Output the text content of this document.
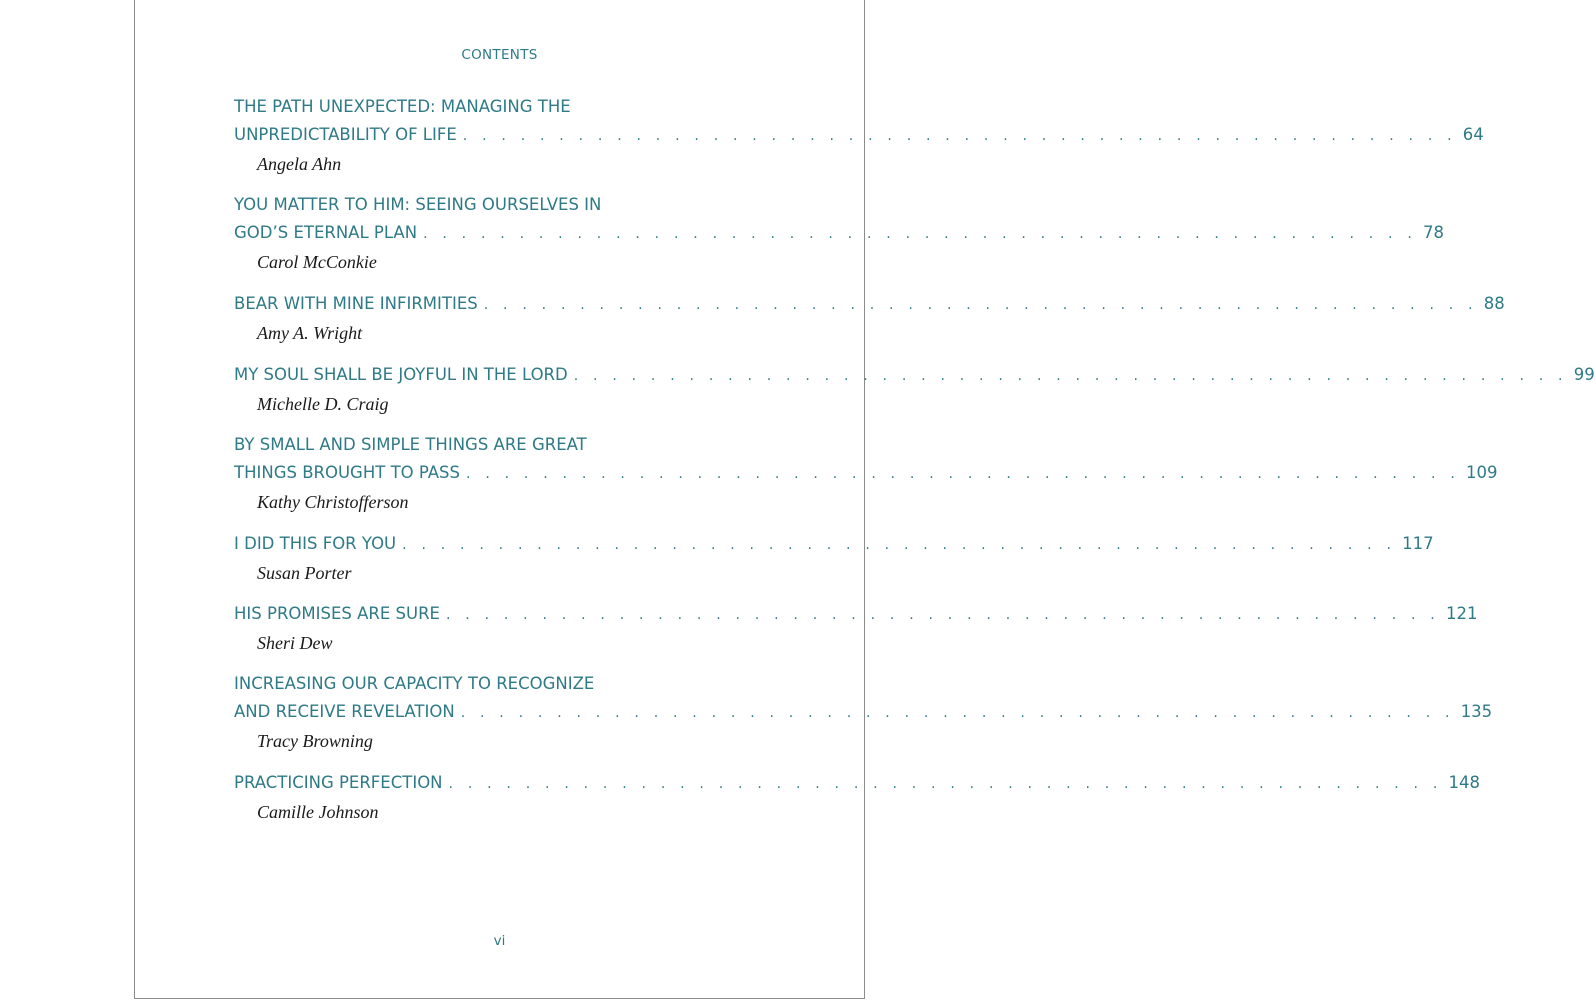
CONTENTS
THE PATH UNEXPECTED: MANAGING THE
UNPREDICTABILITY OF LIFE . . . . . . . . . . . . . . . . . . . . . . . . . . . . . . . . . . . . . . . . . . . . . . . . . . . . 64
Angela Ahn
YOU MATTER TO HIM: SEEING OURSELVES IN
GOD’S ETERNAL PLAN . . . . . . . . . . . . . . . . . . . . . . . . . . . . . . . . . . . . . . . . . . . . . . . . . . . . 78
Carol McConkie
BEAR WITH MINE INFIRMITIES . . . . . . . . . . . . . . . . . . . . . . . . . . . . . . . . . . . . . . . . . . . . . . . . . . . . 88
Amy A. Wright
MY SOUL SHALL BE JOYFUL IN THE LORD . . . . . . . . . . . . . . . . . . . . . . . . . . . . . . . . . . . . . . . . . . . . . . . . . . . . 99
Michelle D. Craig
BY SMALL AND SIMPLE THINGS ARE GREAT
THINGS BROUGHT TO PASS . . . . . . . . . . . . . . . . . . . . . . . . . . . . . . . . . . . . . . . . . . . . . . . . . . . . 109
Kathy Christofferson
I DID THIS FOR YOU . . . . . . . . . . . . . . . . . . . . . . . . . . . . . . . . . . . . . . . . . . . . . . . . . . . . 117
Susan Porter
HIS PROMISES ARE SURE . . . . . . . . . . . . . . . . . . . . . . . . . . . . . . . . . . . . . . . . . . . . . . . . . . . . 121
Sheri Dew
INCREASING OUR CAPACITY TO RECOGNIZE
AND RECEIVE REVELATION . . . . . . . . . . . . . . . . . . . . . . . . . . . . . . . . . . . . . . . . . . . . . . . . . . . . 135
Tracy Browning
PRACTICING PERFECTION . . . . . . . . . . . . . . . . . . . . . . . . . . . . . . . . . . . . . . . . . . . . . . . . . . . . 148
Camille Johnson
vi
